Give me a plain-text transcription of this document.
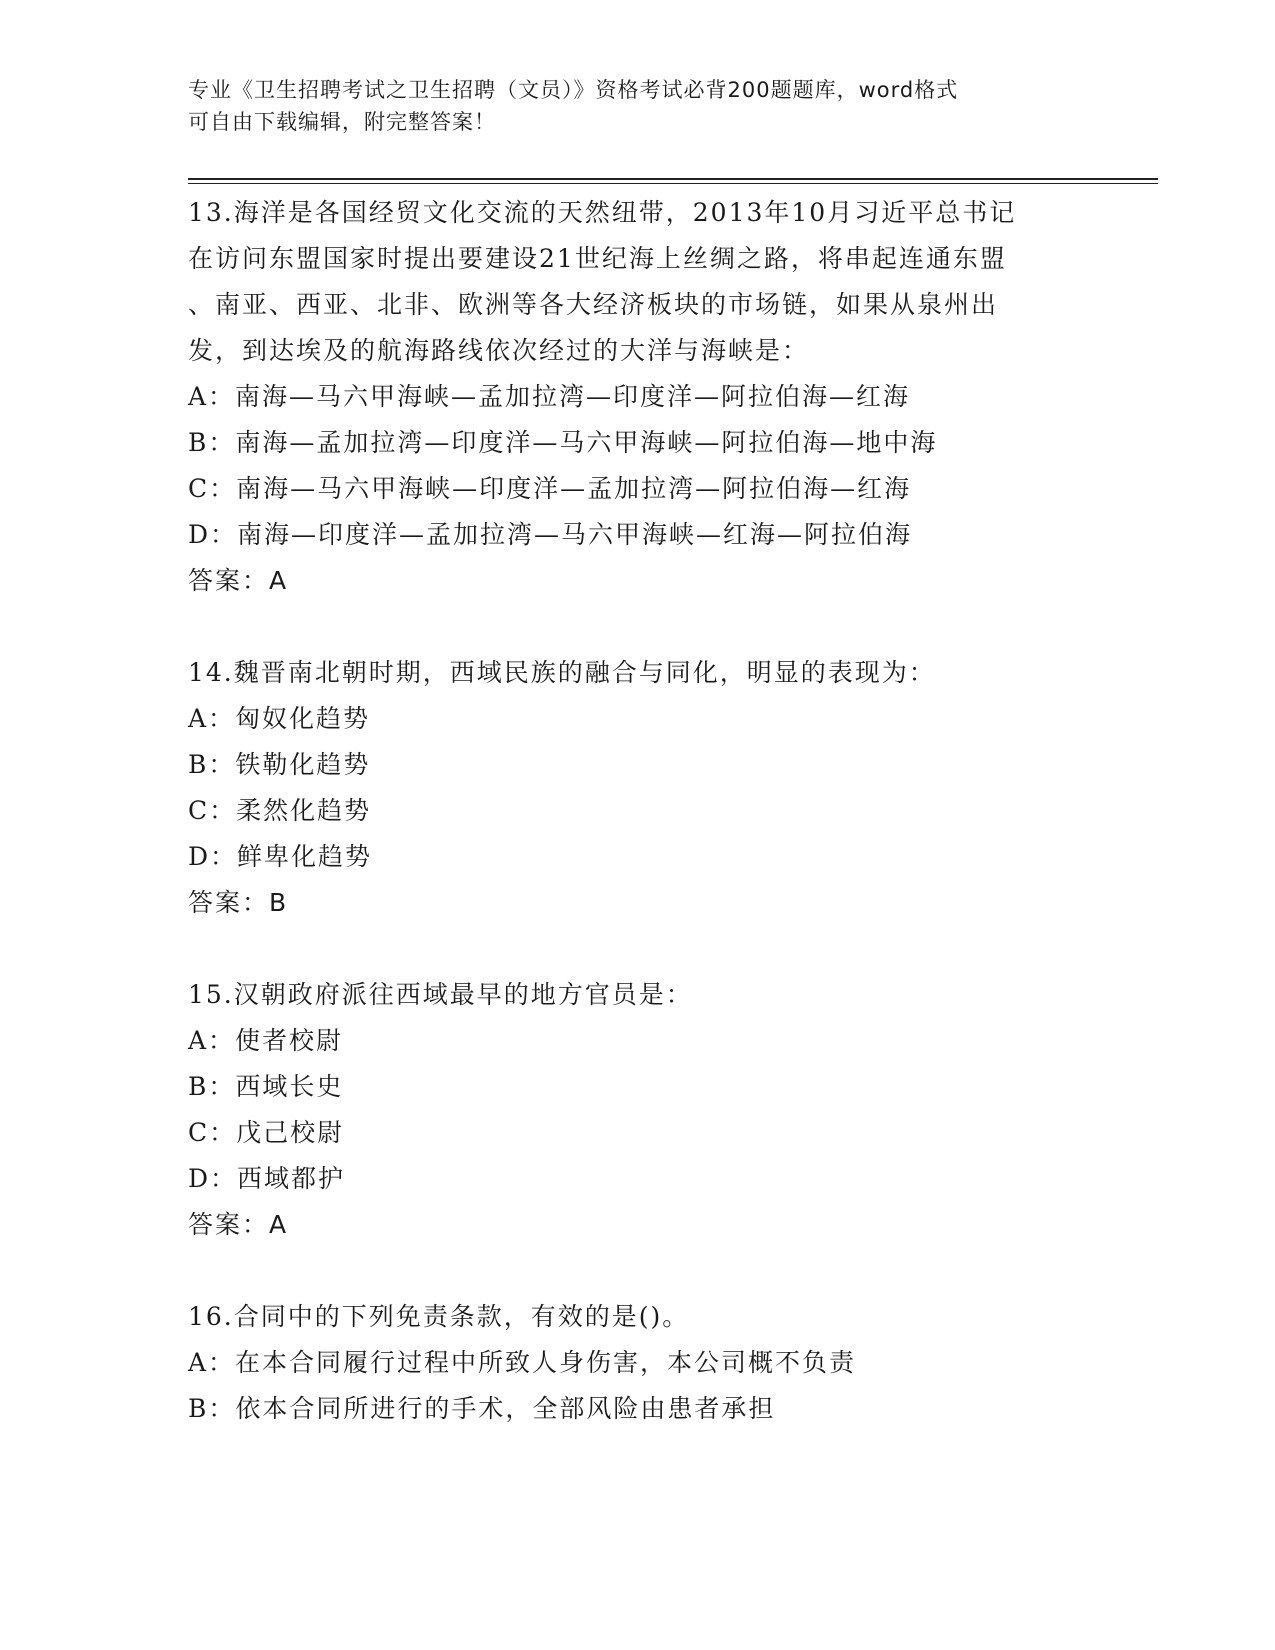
专业《卫生招聘考试之卫生招聘（文员）》资格考试必背200题题库，word格式
可自由下载编辑，附完整答案！

13.海洋是各国经贸文化交流的天然纽带，2013年10月习近平总书记

在访问东盟国家时提出要建设21世纪海上丝绸之路，将串起连通东盟

、南亚、西亚、北非、欧洲等各大经济板块的市场链，如果从泉州出

发，到达埃及的航海路线依次经过的大洋与海峡是：

A：南海—马六甲海峡—孟加拉湾—印度洋—阿拉伯海—红海

B：南海—孟加拉湾—印度洋—马六甲海峡—阿拉伯海—地中海

C：南海—马六甲海峡—印度洋—孟加拉湾—阿拉伯海—红海

D：南海—印度洋—孟加拉湾—马六甲海峡—红海—阿拉伯海

答案：A

14.魏晋南北朝时期，西域民族的融合与同化，明显的表现为：

A：匈奴化趋势

B：铁勒化趋势

C：柔然化趋势

D：鲜卑化趋势

答案：B

15.汉朝政府派往西域最早的地方官员是：

A：使者校尉

B：西域长史

C：戊己校尉

D：西域都护

答案：A

16.合同中的下列免责条款，有效的是()。

A：在本合同履行过程中所致人身伤害，本公司概不负责

B：依本合同所进行的手术，全部风险由患者承担
